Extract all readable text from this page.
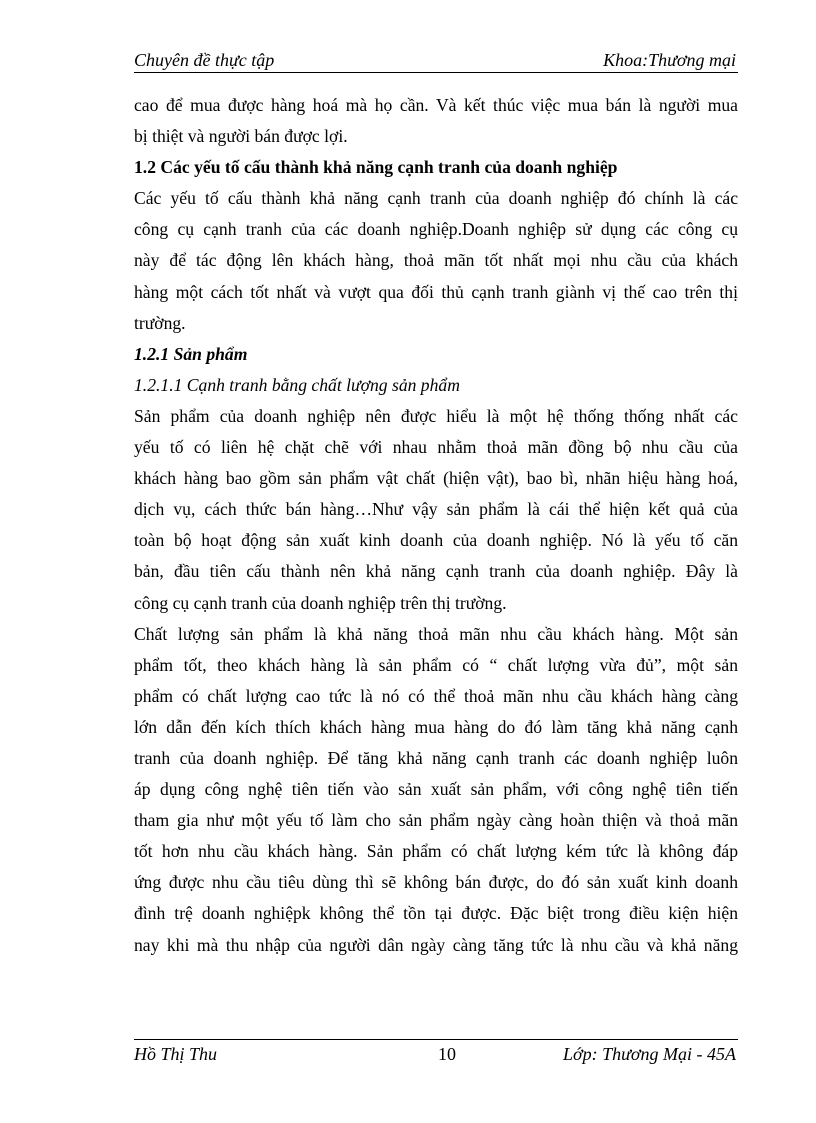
Chuyên đề thực tập	Khoa:Thương mại
cao để mua được hàng hoá mà họ cần. Và kết thúc việc mua bán là người mua
bị thiệt và người bán được lợi.
1.2 Các yếu tố cấu thành khả năng cạnh tranh của doanh nghiệp
Các yếu tố cấu thành khả năng cạnh tranh của doanh nghiệp đó chính là các
công cụ cạnh tranh của các doanh nghiệp.Doanh nghiệp sử dụng các công cụ
này để tác động lên khách hàng, thoả mãn tốt nhất mọi nhu cầu của khách
hàng một cách tốt nhất và vượt qua đối thủ cạnh tranh giành vị thế cao trên thị
trường.
1.2.1 Sản phẩm
1.2.1.1 Cạnh tranh bằng chất lượng sản phẩm
Sản phẩm của doanh nghiệp nên được hiểu là một hệ thống thống nhất các
yếu tố có liên hệ chặt chẽ với nhau nhằm thoả mãn đồng bộ nhu cầu của
khách hàng bao gồm sản phẩm vật chất (hiện vật), bao bì, nhãn hiệu hàng hoá,
dịch vụ, cách thức bán hàng…Như vậy sản phẩm là cái thể hiện kết quả của
toàn bộ hoạt động sản xuất kinh doanh của doanh nghiệp. Nó là yếu tố căn
bản, đầu tiên cấu thành nên khả năng cạnh tranh của doanh nghiệp. Đây là
công cụ cạnh tranh của doanh nghiệp trên thị trường.
Chất lượng sản phẩm là khả năng thoả mãn nhu cầu khách hàng. Một sản
phẩm tốt, theo khách hàng là sản phẩm có “ chất lượng vừa đủ”, một sản
phẩm có chất lượng cao tức là nó có thể thoả mãn nhu cầu khách hàng càng
lớn dẫn đến kích thích khách hàng mua hàng do đó làm tăng khả năng cạnh
tranh của doanh nghiệp. Để tăng khả năng cạnh tranh các doanh nghiệp luôn
áp dụng công nghệ tiên tiến vào sản xuất sản phẩm, với công nghệ tiên tiến
tham gia như một yếu tố làm cho sản phẩm ngày càng hoàn thiện và thoả mãn
tốt hơn nhu cầu khách hàng. Sản phẩm có chất lượng kém tức là không đáp
ứng được nhu cầu tiêu dùng thì sẽ không bán được, do đó sản xuất kinh doanh
đình trệ doanh nghiệpk không thể tồn tại được. Đặc biệt trong điều kiện hiện
nay khi mà thu nhập của người dân ngày càng tăng tức là nhu cầu và khả năng
Hồ Thị Thu	10	Lớp: Thương Mại - 45A
